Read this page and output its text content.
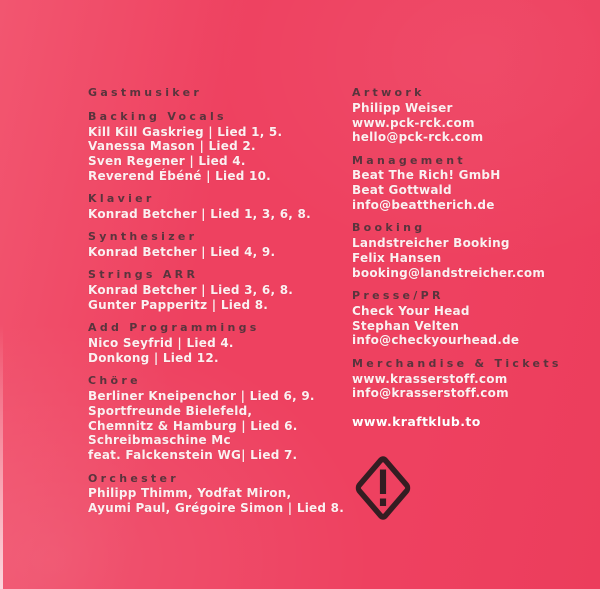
Gastmusiker
Backing Vocals
Kill Kill Gaskrieg | Lied 1, 5.
Vanessa Mason | Lied 2.
Sven Regener | Lied 4.
Reverend Ébéné | Lied 10.
Klavier
Konrad Betcher | Lied 1, 3, 6, 8.
Synthesizer
Konrad Betcher | Lied 4, 9.
Strings ARR
Konrad Betcher | Lied 3, 6, 8.
Gunter Papperitz | Lied 8.
Add Programmings
Nico Seyfrid | Lied 4.
Donkong | Lied 12.
Chöre
Berliner Kneipenchor | Lied 6, 9.
Sportfreunde Bielefeld,
Chemnitz & Hamburg | Lied 6.
Schreibmaschine Mc
feat. Falckenstein WG| Lied 7.
Orchester
Philipp Thimm, Yodfat Miron,
Ayumi Paul, Grégoire Simon | Lied 8.
Artwork
Philipp Weiser
www.pck-rck.com
hello@pck-rck.com
Management
Beat The Rich! GmbH
Beat Gottwald
info@beattherich.de
Booking
Landstreicher Booking
Felix Hansen
booking@landstreicher.com
Presse/PR
Check Your Head
Stephan Velten
info@checkyourhead.de
Merchandise & Tickets
www.krasserstoff.com
info@krasserstoff.com
www.kraftklub.to
